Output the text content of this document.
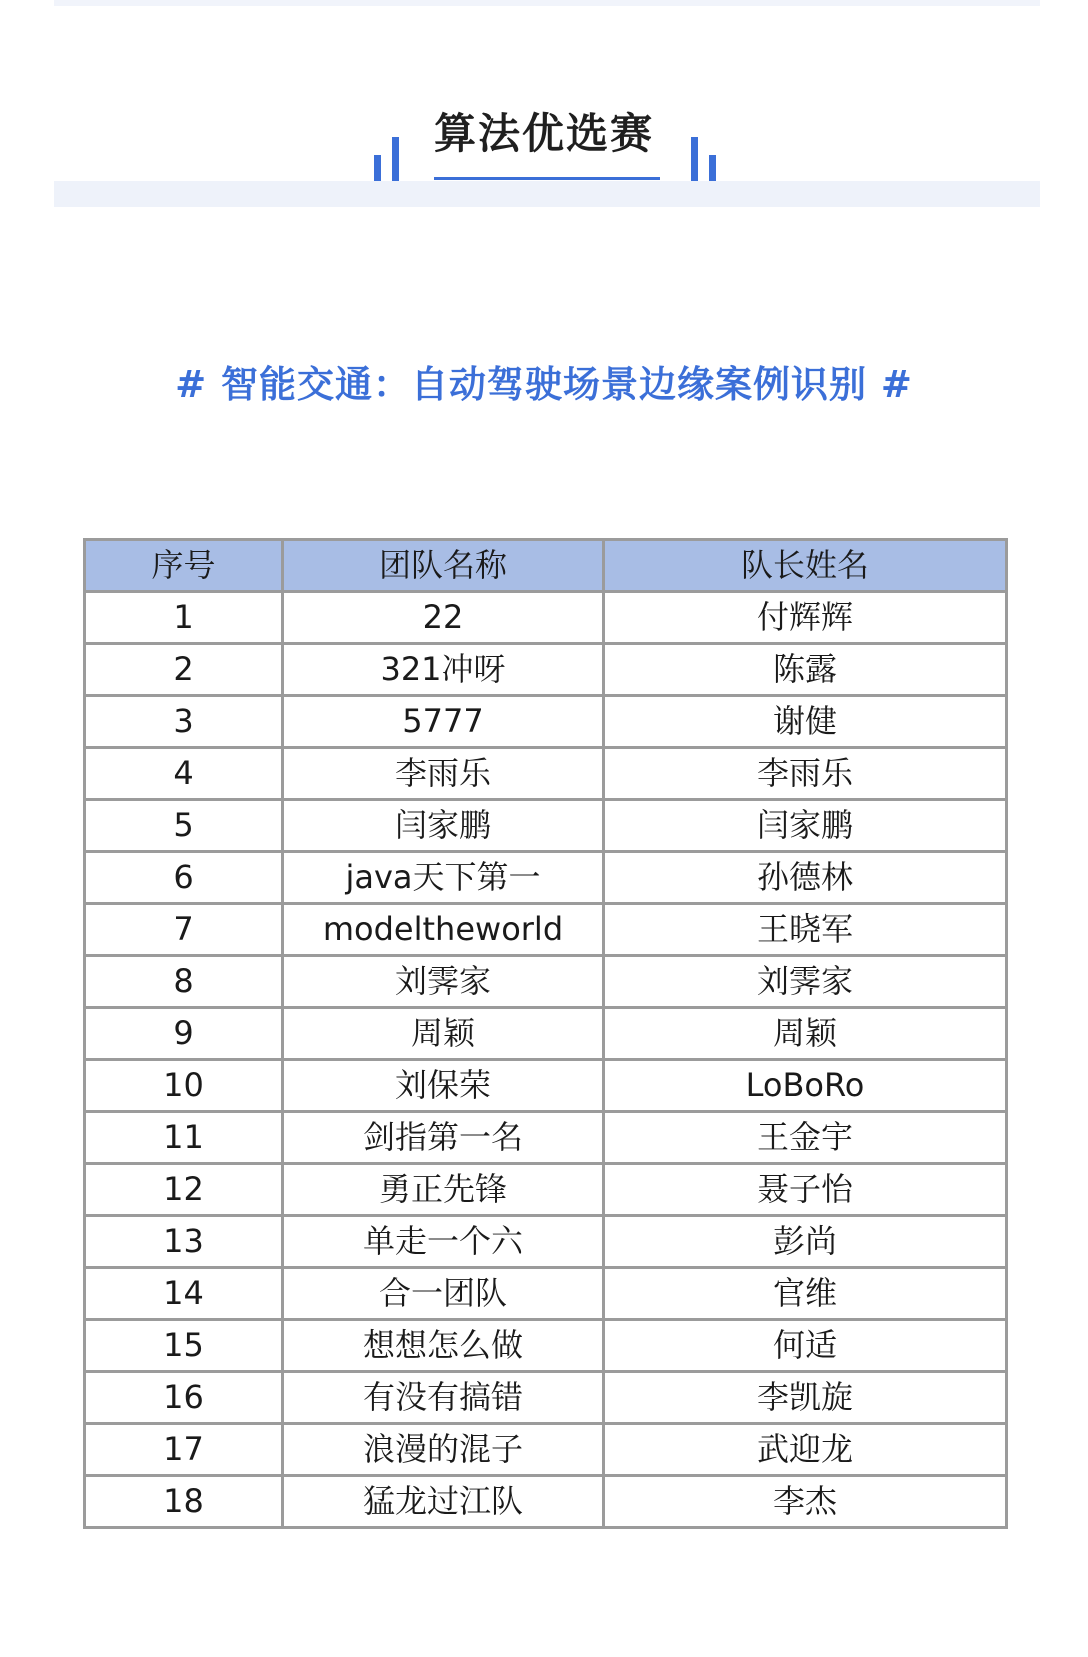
算法优选赛
# 智能交通：自动驾驶场景边缘案例识别 #
序号	团队名称	队长姓名
1	22	付辉辉
2	321冲呀	陈露
3	5777	谢健
4	李雨乐	李雨乐
5	闫家鹏	闫家鹏
6	java天下第一	孙德林
7	modeltheworld	王晓军
8	刘霁家	刘霁家
9	周颖	周颖
10	刘保荣	LoBoRo
11	剑指第一名	王金宇
12	勇正先锋	聂子怡
13	单走一个六	彭尚
14	合一团队	官维
15	想想怎么做	何适
16	有没有搞错	李凯旋
17	浪漫的混子	武迎龙
18	猛龙过江队	李杰
